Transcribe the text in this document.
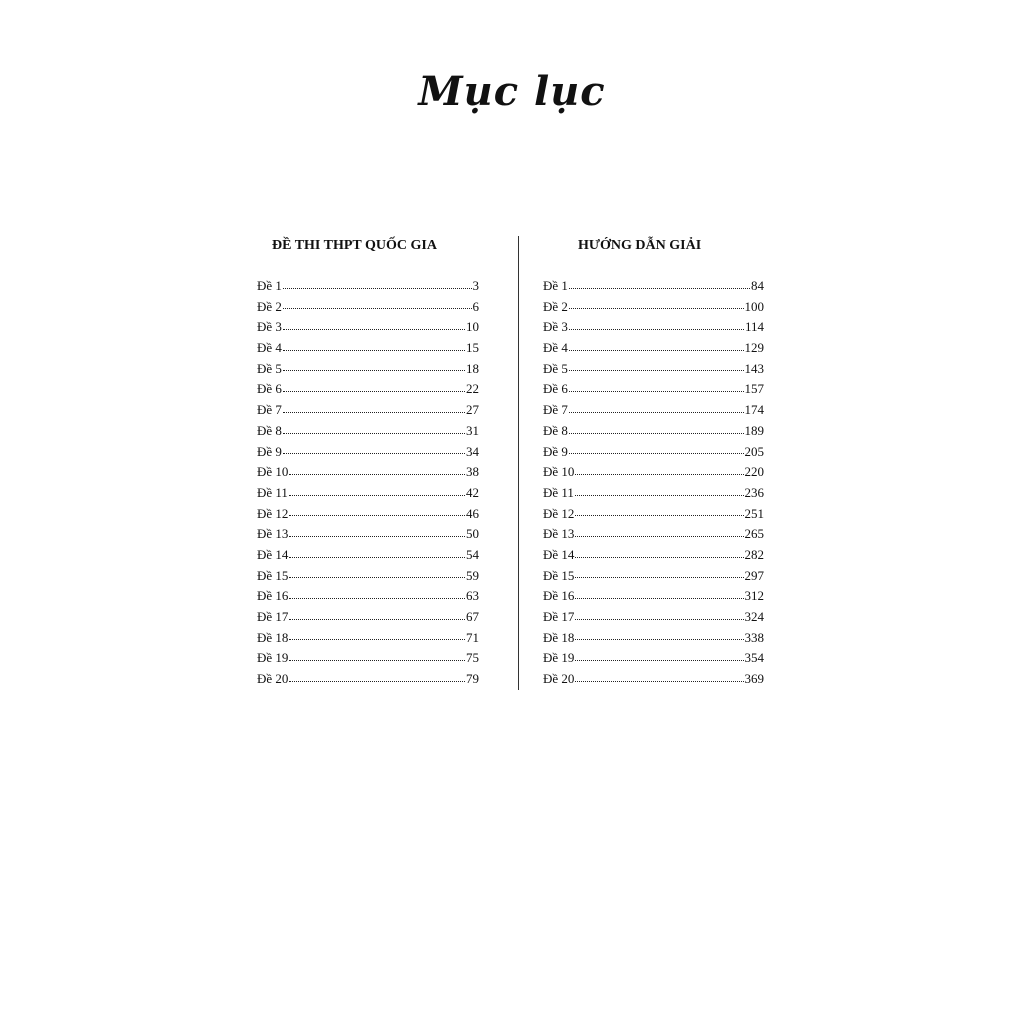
Mục lục
ĐỀ THI THPT QUỐC GIA
Đề 1	3
Đề 2	6
Đề 3	10
Đề 4	15
Đề 5	18
Đề 6	22
Đề 7	27
Đề 8	31
Đề 9	34
Đề 10	38
Đề 11	42
Đề 12	46
Đề 13	50
Đề 14	54
Đề 15	59
Đề 16	63
Đề 17	67
Đề 18	71
Đề 19	75
Đề 20	79
HƯỚNG DẪN GIẢI
Đề 1	84
Đề 2	100
Đề 3	114
Đề 4	129
Đề 5	143
Đề 6	157
Đề 7	174
Đề 8	189
Đề 9	205
Đề 10	220
Đề 11	236
Đề 12	251
Đề 13	265
Đề 14	282
Đề 15	297
Đề 16	312
Đề 17	324
Đề 18	338
Đề 19	354
Đề 20	369
